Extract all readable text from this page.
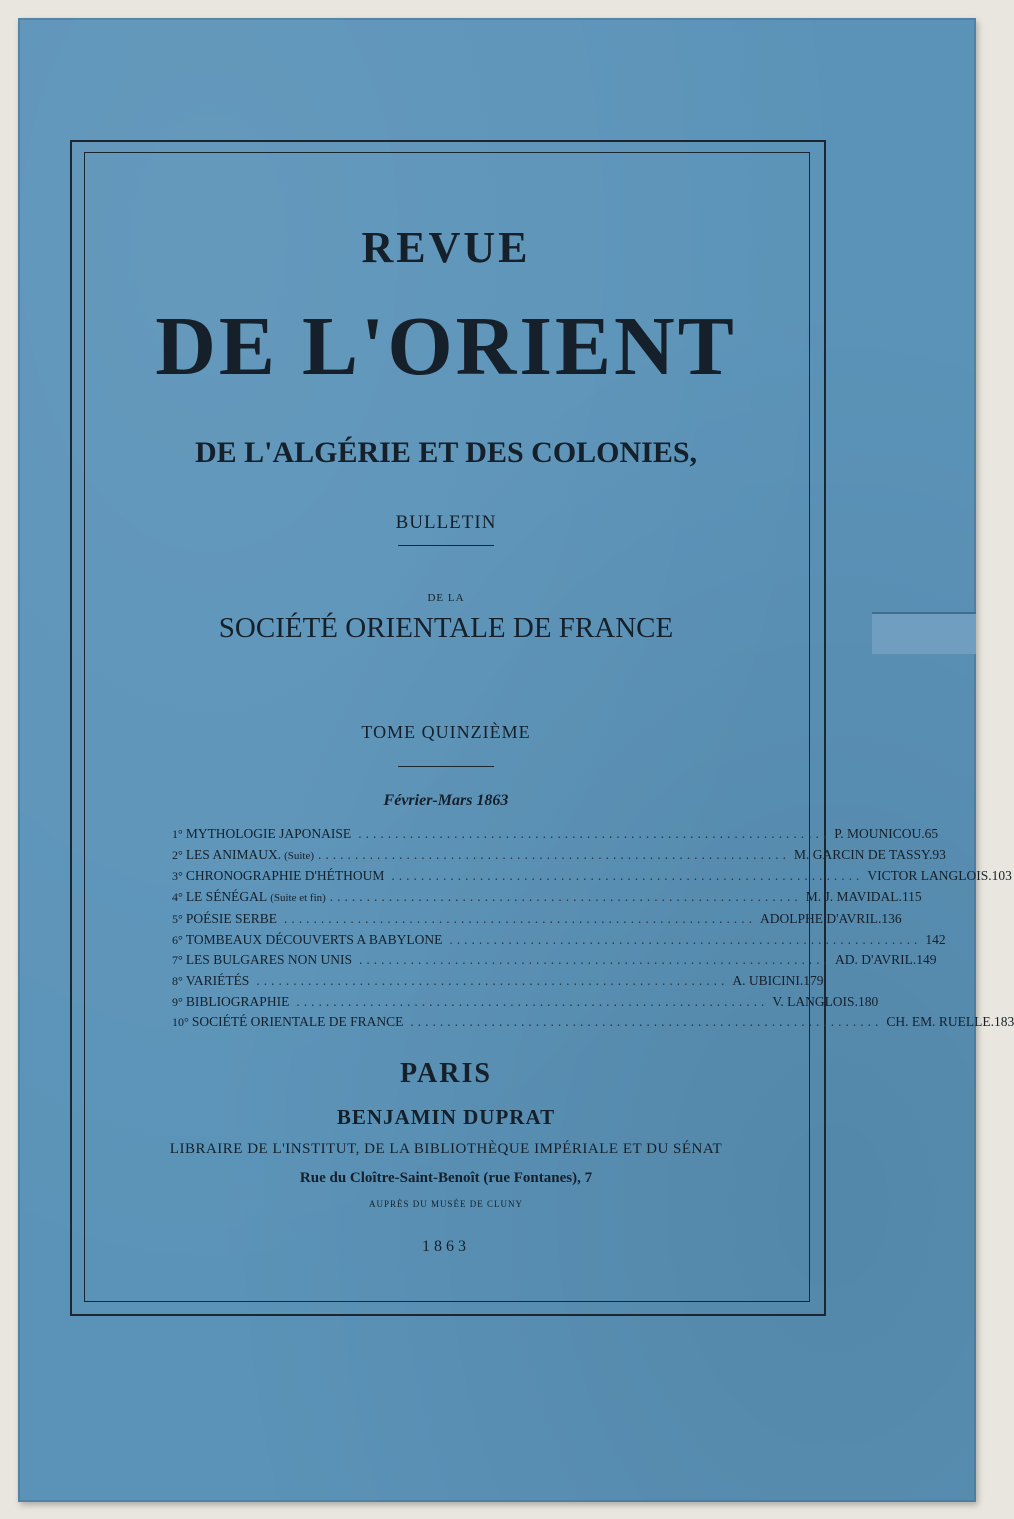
REVUE
DE L'ORIENT
DE L'ALGÉRIE ET DES COLONIES,
BULLETIN
DE LA
SOCIÉTÉ ORIENTALE DE FRANCE
TOME QUINZIÈME
Février-Mars 1863
1° MYTHOLOGIE JAPONAISE ................................................................ P. MOUNICOU. 65
2° LES ANIMAUX. (Suite) ................................................................ M. GARCIN DE TASSY. 93
3° CHRONOGRAPHIE D'HÉTHOUM ................................................................ VICTOR LANGLOIS. 103
4° LE SÉNÉGAL (Suite et fin) ................................................................ M. J. MAVIDAL. 115
5° POÉSIE SERBE ................................................................ ADOLPHE D'AVRIL. 136
6° TOMBEAUX DÉCOUVERTS A BABYLONE ................................................................ 142
7° LES BULGARES NON UNIS ................................................................ AD. D'AVRIL. 149
8° VARIÉTÉS ................................................................ A. UBICINI. 179
9° BIBLIOGRAPHIE ................................................................ V. LANGLOIS. 180
10° SOCIÉTÉ ORIENTALE DE FRANCE ................................................................ CH. EM. RUELLE. 183
PARIS
BENJAMIN DUPRAT
LIBRAIRE DE L'INSTITUT, DE LA BIBLIOTHÈQUE IMPÉRIALE ET DU SÉNAT
Rue du Cloître-Saint-Benoît (rue Fontanes), 7
AUPRÈS DU MUSÉE DE CLUNY
1863
